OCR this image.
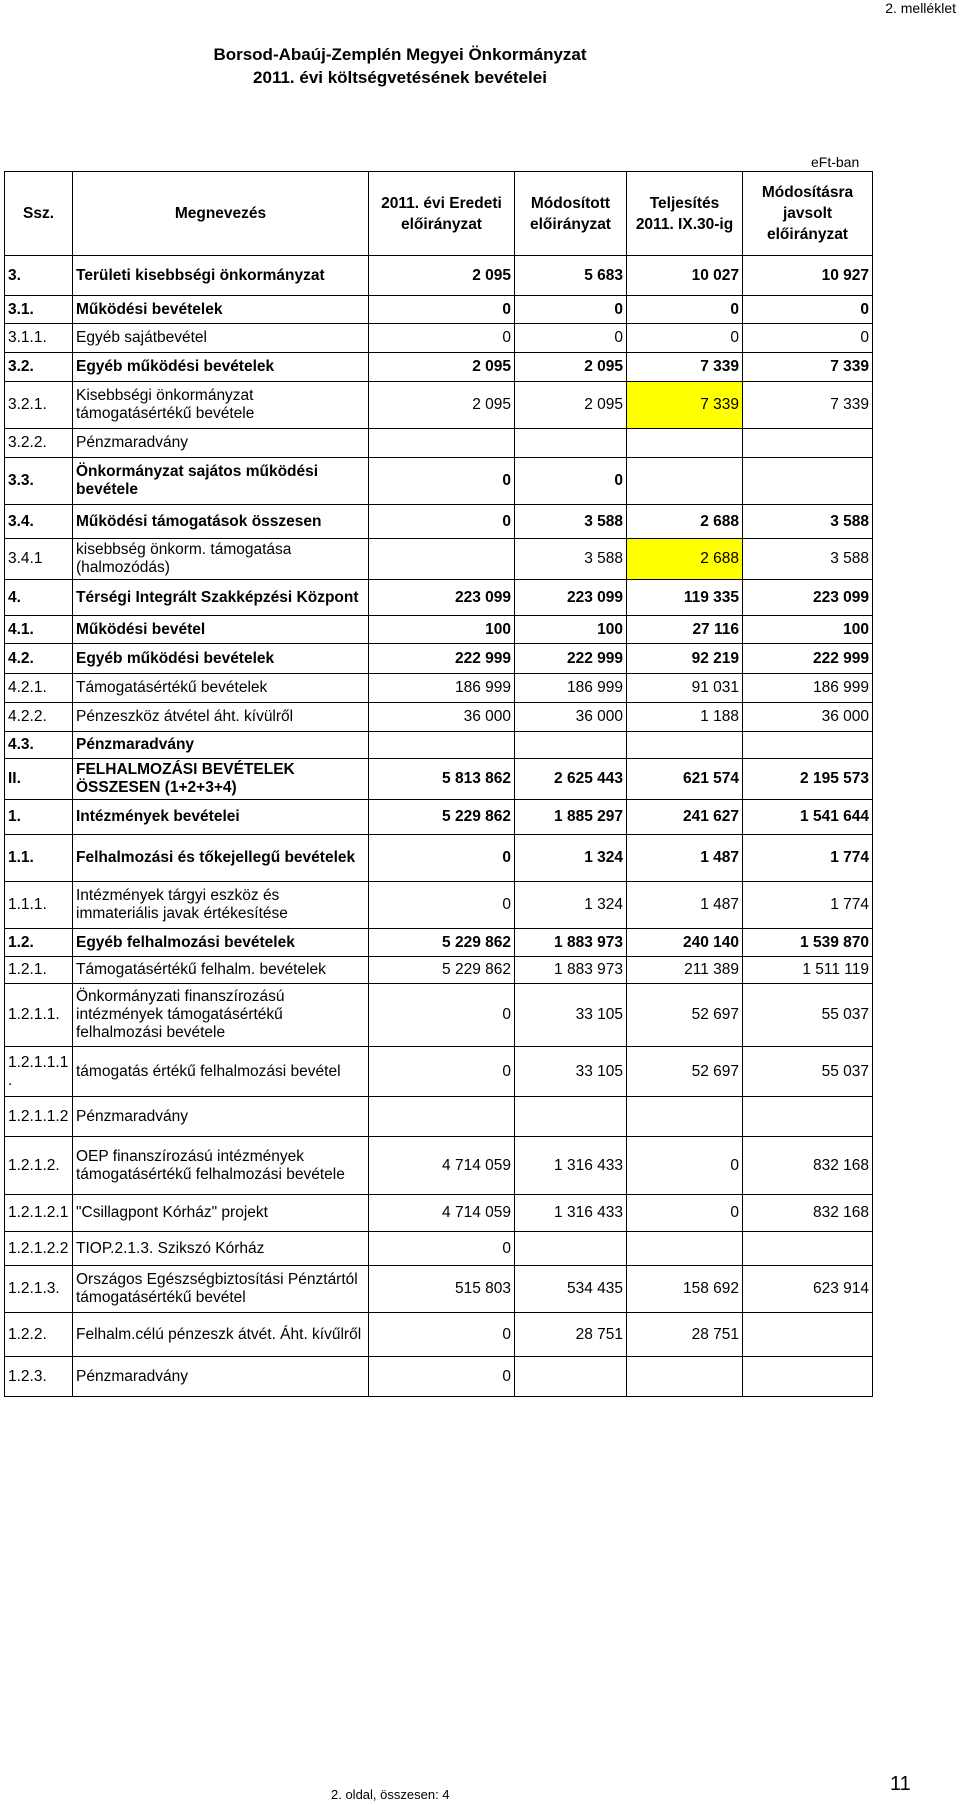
2. melléklet
Borsod-Abaúj-Zemplén Megyei Önkormányzat
2011. évi költségvetésének bevételei
eFt-ban
Ssz.	Megnevezés	2011. évi Eredeti előirányzat	Módosított előirányzat	Teljesítés 2011. IX.30-ig	Módosításra javsolt előirányzat
3.	Területi kisebbségi önkormányzat	2 095	5 683	10 027	10 927
3.1.	Működési bevételek	0	0	0	0
3.1.1.	Egyéb sajátbevétel	0	0	0	0
3.2.	Egyéb működési bevételek	2 095	2 095	7 339	7 339
3.2.1.	Kisebbségi önkormányzat támogatásértékű bevétele	2 095	2 095	7 339	7 339
3.2.2.	Pénzmaradvány				
3.3.	Önkormányzat sajátos működési bevétele	0	0		
3.4.	Működési támogatások összesen	0	3 588	2 688	3 588
3.4.1	kisebbség önkorm. támogatása (halmozódás)		3 588	2 688	3 588
4.	Térségi Integrált Szakképzési Központ	223 099	223 099	119 335	223 099
4.1.	Működési bevétel	100	100	27 116	100
4.2.	Egyéb működési bevételek	222 999	222 999	92 219	222 999
4.2.1.	Támogatásértékű bevételek	186 999	186 999	91 031	186 999
4.2.2.	Pénzeszköz átvétel áht. kívülről	36 000	36 000	1 188	36 000
4.3.	Pénzmaradvány				
II.	FELHALMOZÁSI BEVÉTELEK ÖSSZESEN (1+2+3+4)	5 813 862	2 625 443	621 574	2 195 573
1.	Intézmények bevételei	5 229 862	1 885 297	241 627	1 541 644
1.1.	Felhalmozási és tőkejellegű bevételek	0	1 324	1 487	1 774
1.1.1.	Intézmények tárgyi eszköz és immateriális javak értékesítése	0	1 324	1 487	1 774
1.2.	Egyéb felhalmozási bevételek	5 229 862	1 883 973	240 140	1 539 870
1.2.1.	Támogatásértékű felhalm. bevételek	5 229 862	1 883 973	211 389	1 511 119
1.2.1.1.	Önkormányzati finanszírozású intézmények támogatásértékű felhalmozási bevétele	0	33 105	52 697	55 037
1.2.1.1.1 .	támogatás értékű felhalmozási bevétel	0	33 105	52 697	55 037
1.2.1.1.2	Pénzmaradvány				
1.2.1.2.	OEP finanszírozású intézmények támogatásértékű felhalmozási bevétele	4 714 059	1 316 433	0	832 168
1.2.1.2.1	"Csillagpont Kórház" projekt	4 714 059	1 316 433	0	832 168
1.2.1.2.2	TIOP.2.1.3. Szikszó Kórház	0			
1.2.1.3.	Országos Egészségbiztosítási Pénztártól támogatásértékű bevétel	515 803	534 435	158 692	623 914
1.2.2.	Felhalm.célú pénzeszk átvét. Áht. kívűlről	0	28 751	28 751	
1.2.3.	Pénzmaradvány	0			
11
2. oldal, összesen: 4
